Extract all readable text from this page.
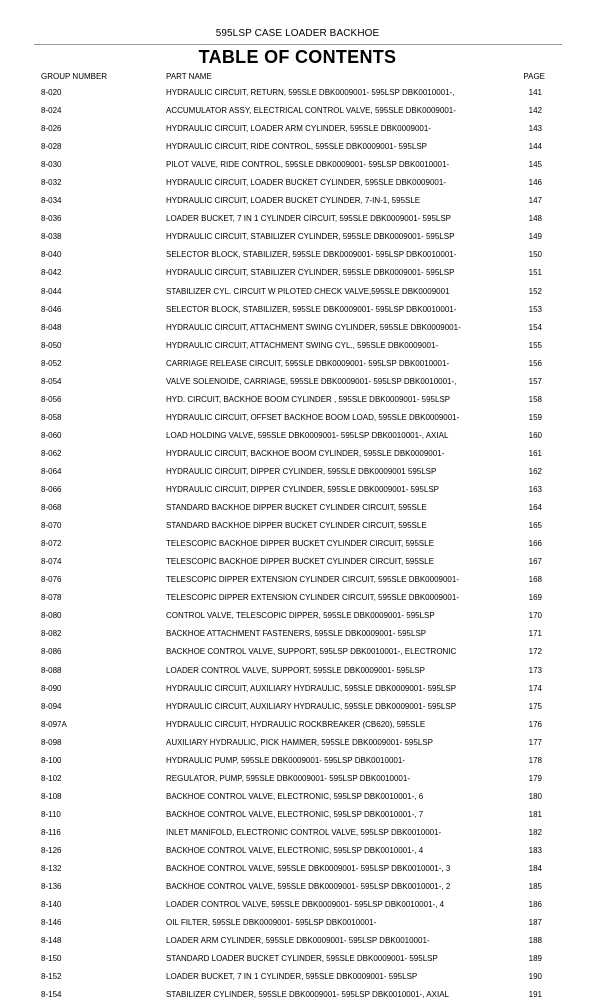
595LSP CASE LOADER BACKHOE
TABLE OF CONTENTS
GROUP NUMBER	PART NAME	PAGE
8-020	HYDRAULIC CIRCUIT, RETURN, 595SLE DBK0009001- 595LSP DBK0010001-,	141
8-024	ACCUMULATOR ASSY, ELECTRICAL CONTROL VALVE, 595SLE DBK0009001-	142
8-026	HYDRAULIC CIRCUIT, LOADER ARM CYLINDER, 595SLE DBK0009001-	143
8-028	HYDRAULIC CIRCUIT, RIDE CONTROL, 595SLE DBK0009001- 595LSP	144
8-030	PILOT VALVE, RIDE CONTROL, 595SLE DBK0009001- 595LSP DBK0010001-	145
8-032	HYDRAULIC CIRCUIT, LOADER BUCKET CYLINDER, 595SLE DBK0009001-	146
8-034	HYDRAULIC CIRCUIT, LOADER BUCKET CYLINDER, 7-IN-1, 595SLE	147
8-036	LOADER BUCKET, 7 IN 1 CYLINDER CIRCUIT, 595SLE DBK0009001- 595LSP	148
8-038	HYDRAULIC CIRCUIT, STABILIZER CYLINDER, 595SLE DBK0009001- 595LSP	149
8-040	SELECTOR BLOCK, STABILIZER, 595SLE DBK0009001- 595LSP DBK0010001-	150
8-042	HYDRAULIC CIRCUIT, STABILIZER CYLINDER, 595SLE DBK0009001- 595LSP	151
8-044	STABILIZER CYL. CIRCUIT W PILOTED CHECK VALVE,595SLE DBK0009001	152
8-046	SELECTOR BLOCK, STABILIZER, 595SLE DBK0009001- 595LSP DBK0010001-	153
8-048	HYDRAULIC CIRCUIT, ATTACHMENT SWING CYLINDER, 595SLE DBK0009001-	154
8-050	HYDRAULIC CIRCUIT, ATTACHMENT SWING CYL., 595SLE DBK0009001-	155
8-052	CARRIAGE RELEASE CIRCUIT, 595SLE DBK0009001- 595LSP DBK0010001-	156
8-054	VALVE SOLENOIDE, CARRIAGE, 595SLE DBK0009001- 595LSP DBK0010001-,	157
8-056	HYD. CIRCUIT, BACKHOE BOOM CYLINDER , 595SLE DBK0009001- 595LSP	158
8-058	HYDRAULIC CIRCUIT, OFFSET BACKHOE BOOM LOAD, 595SLE DBK0009001-	159
8-060	LOAD HOLDING VALVE, 595SLE DBK0009001- 595LSP DBK0010001-, AXIAL	160
8-062	HYDRAULIC CIRCUIT, BACKHOE BOOM CYLINDER, 595SLE DBK0009001-	161
8-064	HYDRAULIC CIRCUIT, DIPPER CYLINDER, 595SLE DBK0009001 595LSP	162
8-066	HYDRAULIC CIRCUIT, DIPPER CYLINDER, 595SLE DBK0009001- 595LSP	163
8-068	STANDARD BACKHOE DIPPER BUCKET CYLINDER CIRCUIT, 595SLE	164
8-070	STANDARD BACKHOE DIPPER BUCKET CYLINDER CIRCUIT, 595SLE	165
8-072	TELESCOPIC BACKHOE DIPPER BUCKET CYLINDER CIRCUIT, 595SLE	166
8-074	TELESCOPIC BACKHOE DIPPER BUCKET CYLINDER CIRCUIT, 595SLE	167
8-076	TELESCOPIC DIPPER EXTENSION CYLINDER CIRCUIT, 595SLE DBK0009001-	168
8-078	TELESCOPIC DIPPER EXTENSION CYLINDER CIRCUIT, 595SLE DBK0009001-	169
8-080	CONTROL VALVE, TELESCOPIC DIPPER, 595SLE DBK0009001- 595LSP	170
8-082	BACKHOE ATTACHMENT FASTENERS, 595SLE DBK0009001- 595LSP	171
8-086	BACKHOE CONTROL VALVE, SUPPORT, 595LSP DBK0010001-, ELECTRONIC	172
8-088	LOADER CONTROL VALVE, SUPPORT, 595SLE DBK0009001- 595LSP	173
8-090	HYDRAULIC CIRCUIT, AUXILIARY HYDRAULIC, 595SLE DBK0009001- 595LSP	174
8-094	HYDRAULIC CIRCUIT, AUXILIARY HYDRAULIC, 595SLE DBK0009001- 595LSP	175
8-097A	HYDRAULIC CIRCUIT, HYDRAULIC ROCKBREAKER (CB620), 595SLE	176
8-098	AUXILIARY HYDRAULIC, PICK HAMMER, 595SLE DBK0009001- 595LSP	177
8-100	HYDRAULIC PUMP, 595SLE DBK0009001- 595LSP DBK0010001-	178
8-102	REGULATOR, PUMP, 595SLE DBK0009001- 595LSP DBK0010001-	179
8-108	BACKHOE CONTROL VALVE, ELECTRONIC, 595LSP DBK0010001-, 6	180
8-110	BACKHOE CONTROL VALVE, ELECTRONIC, 595LSP DBK0010001-, 7	181
8-116	INLET MANIFOLD, ELECTRONIC CONTROL VALVE, 595LSP DBK0010001-	182
8-126	BACKHOE CONTROL VALVE, ELECTRONIC, 595LSP DBK0010001-, 4	183
8-132	BACKHOE CONTROL VALVE, 595SLE DBK0009001- 595LSP DBK0010001-, 3	184
8-136	BACKHOE CONTROL VALVE, 595SLE DBK0009001- 595LSP DBK0010001-, 2	185
8-140	LOADER CONTROL VALVE, 595SLE DBK0009001- 595LSP DBK0010001-, 4	186
8-146	OIL FILTER, 595SLE DBK0009001- 595LSP DBK0010001-	187
8-148	LOADER ARM CYLINDER, 595SLE DBK0009001- 595LSP DBK0010001-	188
8-150	STANDARD LOADER BUCKET CYLINDER, 595SLE DBK0009001- 595LSP	189
8-152	LOADER BUCKET, 7 IN 1 CYLINDER, 595SLE DBK0009001- 595LSP	190
8-154	STABILIZER CYLINDER, 595SLE DBK0009001- 595LSP DBK0010001-, AXIAL	191
